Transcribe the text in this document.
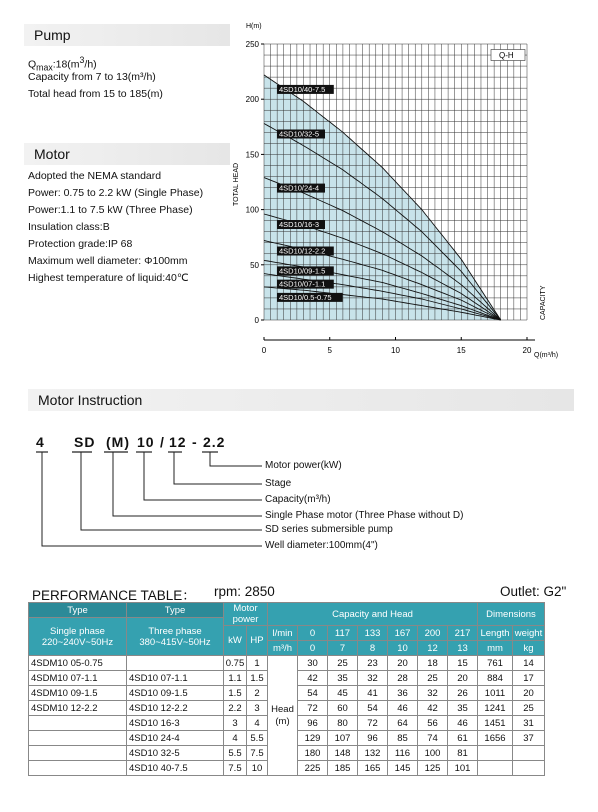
Pump
$Q_{max}:18(m^3/h)$
Capacity from 7 to 13(m³/h)
Total head from 15 to 185(m)
Motor
Adopted the NEMA standard
Power: 0.75 to 2.2 kW (Single Phase)
Power:1.1 to 7.5 kW (Three Phase)
Insulation class:B
Protection grade:IP 68
Maximum well diameter: Φ100mm
Highest temperature of liquid:40℃
4SD10/40-7.5
4SD10/32-5
4SD10/24-4
4SD10/16-3
4SD10/12-2.2
4SD10/09-1.5
4SD10/07-1.1
4SD10/0.5-0.75
0
50
100
150
200
250
0	5	10	15	20
H(m)
Q(m³/h)
TOTAL HEAD
CAPACITY
Q-H
Motor Instruction
4 SD (M) 10 / 12 - 2.2
Motor power(kW)
Stage
Capacity(m³/h)
Single Phase motor (Three Phase without D)
SD series submersible pump
Well diameter:100mm(4")
PERFORMANCE TABLE： rpm: 2850	Outlet: G2"
Type	Type	Motor power		Capacity and Head							Dimensions	
Single phase
220~240V~50Hz	Three phase
380~415V~50Hz											
		kW	HP	l/min	0	117	133	167	200	217	Length	weight
				m³/h	0	7	8	10	12	13	mm	kg
4SDM10 05-0.75		0.75	1	Head (m)	30	25	23	20	18	15	761	14
4SDM10 07-1.1	4SD10 07-1.1	1.1	1.5		42	35	32	28	25	20	884	17
4SDM10 09-1.5	4SD10 09-1.5	1.5	2		54	45	41	36	32	26	1011	20
4SDM10 12-2.2	4SD10 12-2.2	2.2	3		72	60	54	46	42	35	1241	25
	4SD10 16-3	3	4		96	80	72	64	56	46	1451	31
	4SD10 24-4	4	5.5		129	107	96	85	74	61	1656	37
	4SD10 32-5	5.5	7.5		180	148	132	116	100	81		
	4SD10 40-7.5	7.5	10		225	185	165	145	125	101		
